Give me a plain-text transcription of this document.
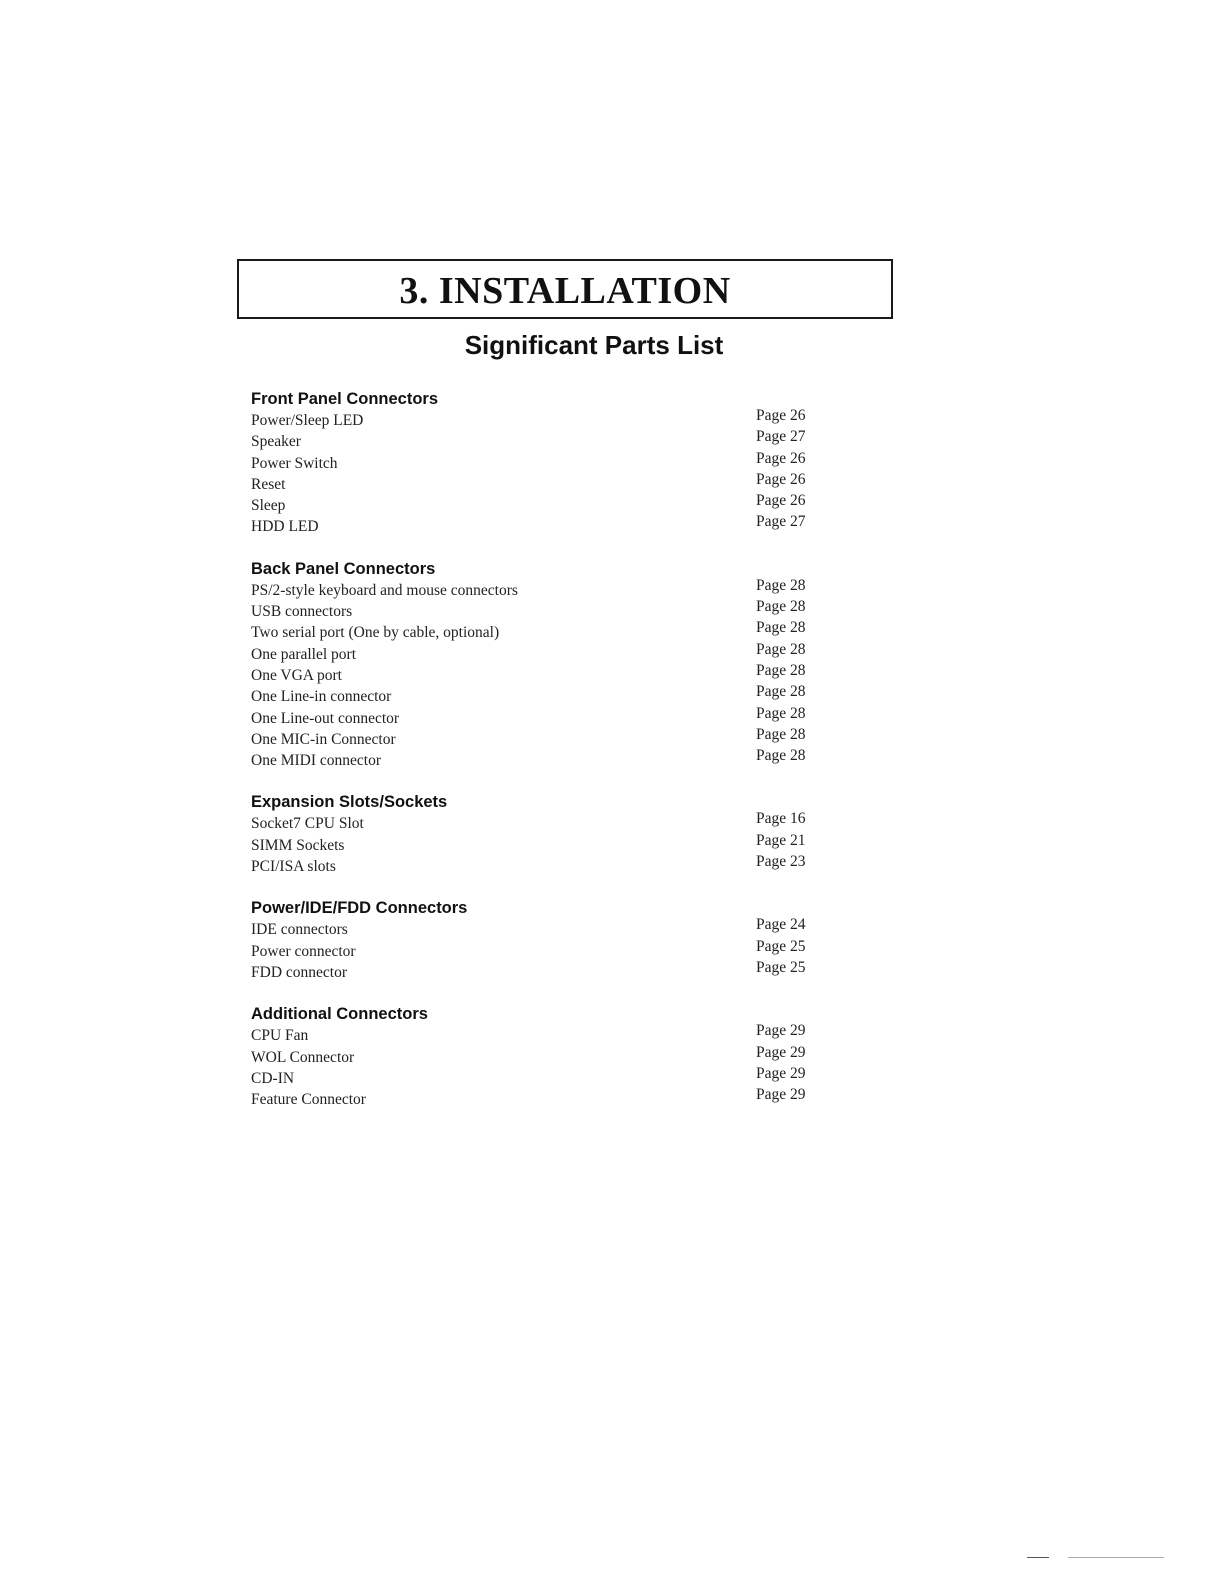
3. INSTALLATION
Significant Parts List
Front Panel Connectors
Power/Sleep LED	Page 26
Speaker	Page 27
Power Switch	Page 26
Reset	Page 26
Sleep	Page 26
HDD LED	Page 27
Back Panel Connectors
PS/2-style keyboard and mouse connectors	Page 28
USB connectors	Page 28
Two serial port (One by cable, optional)	Page 28
One parallel port	Page 28
One VGA port	Page 28
One Line-in connector	Page 28
One Line-out connector	Page 28
One MIC-in Connector	Page 28
One MIDI connector	Page 28
Expansion Slots/Sockets
Socket7 CPU Slot	Page 16
SIMM Sockets	Page 21
PCI/ISA slots	Page 23
Power/IDE/FDD Connectors
IDE connectors	Page 24
Power connector	Page 25
FDD connector	Page 25
Additional Connectors
CPU Fan	Page 29
WOL Connector	Page 29
CD-IN	Page 29
Feature Connector	Page 29
